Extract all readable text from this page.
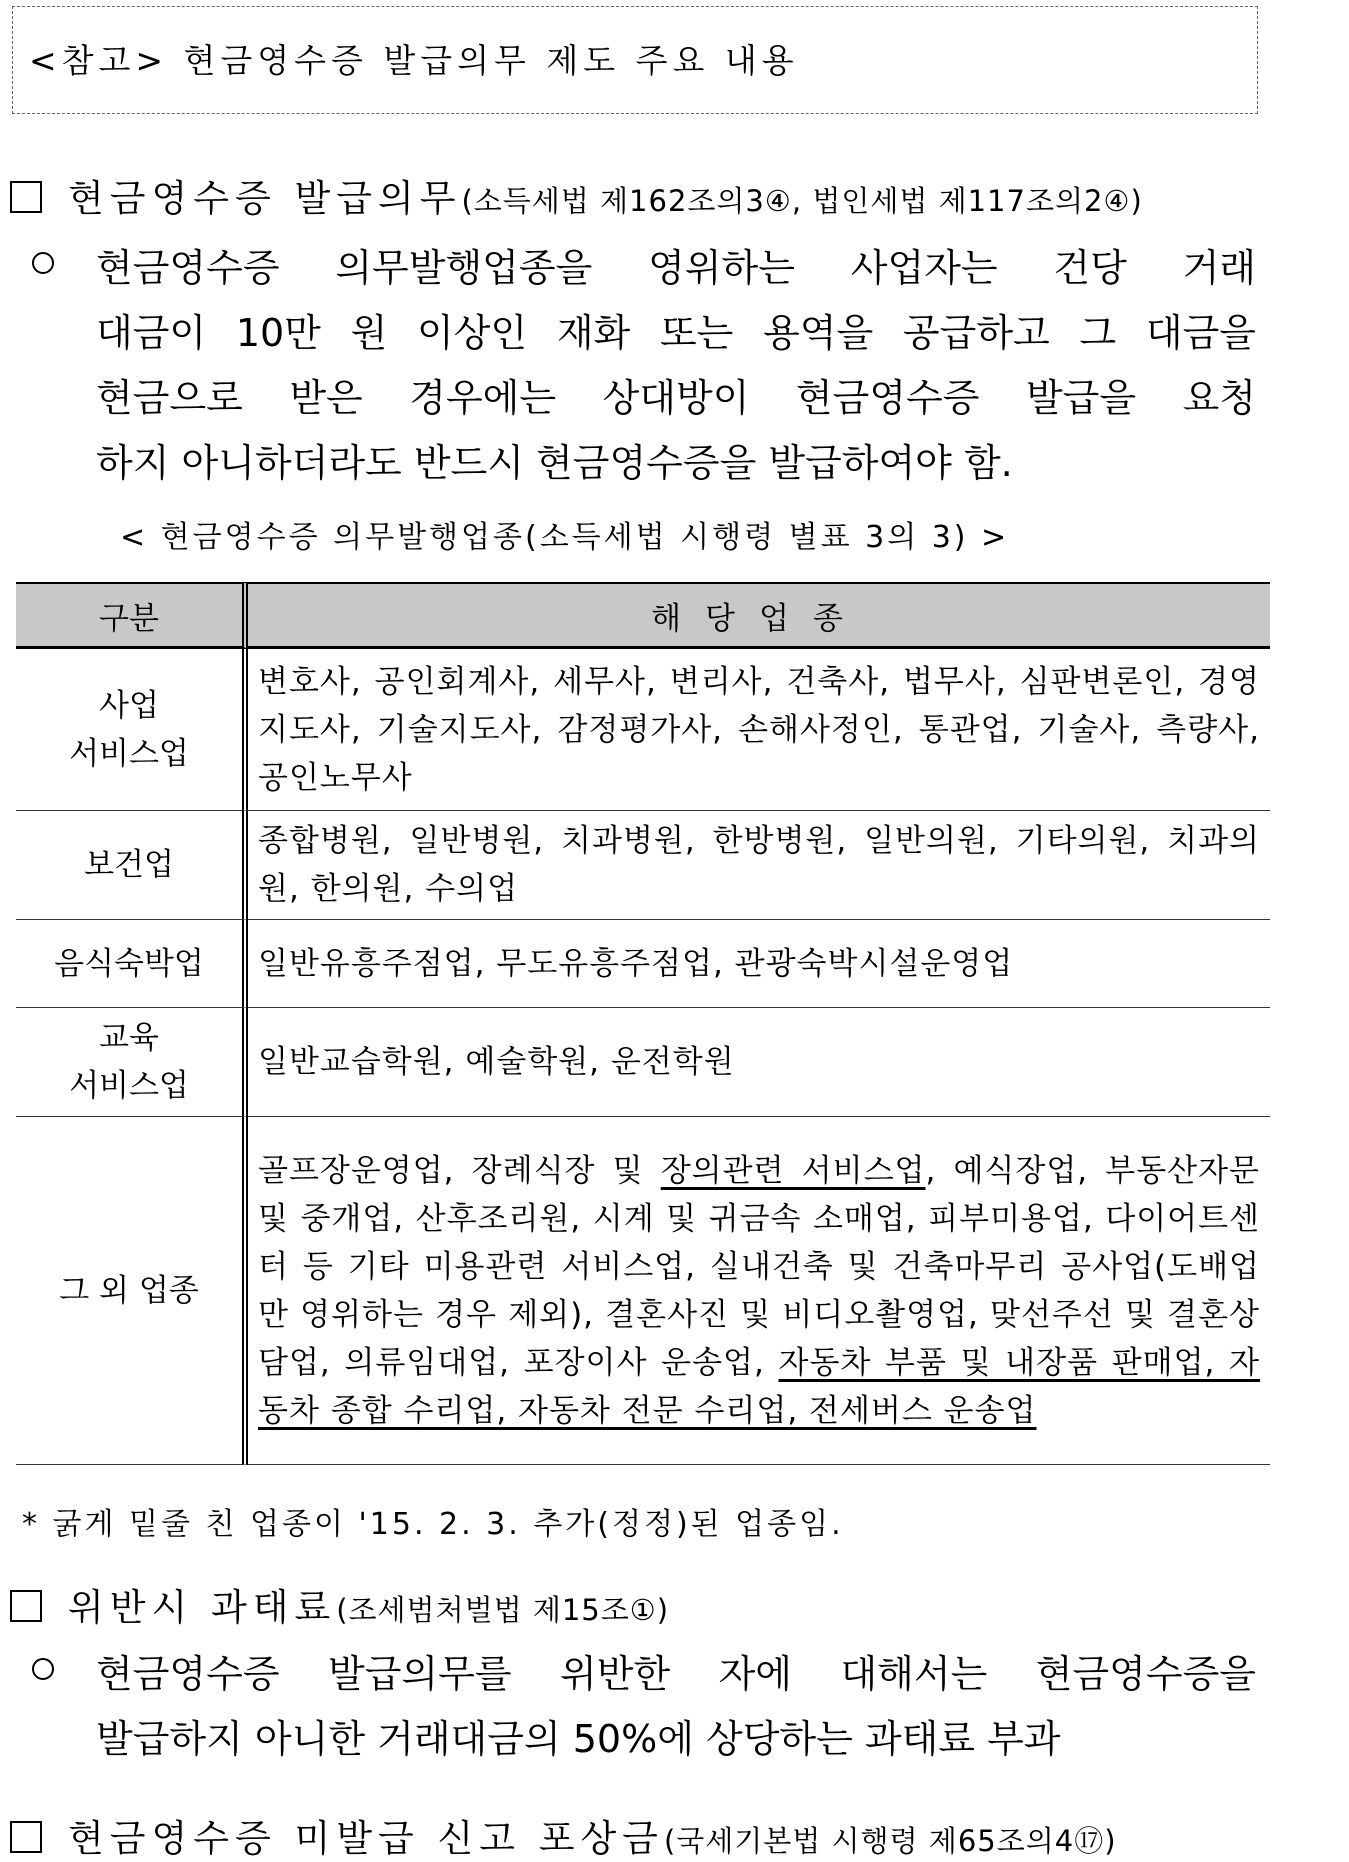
<참고> 현금영수증 발급의무 제도 주요 내용
현금영수증 발급의무 (소득세법 제162조의3④, 법인세법 제117조의2④)
현금영수증 의무발행업종을 영위하는 사업자는 건당 거래
대금이 10만 원 이상인 재화 또는 용역을 공급하고 그 대금을
현금으로 받은 경우에는 상대방이 현금영수증 발급을 요청
하지 아니하더라도 반드시 현금영수증을 발급하여야 함.
< 현금영수증 의무발행업종(소득세법 시행령 별표 3의 3) >
구분	해당업종

사업
서비스업	변호사, 공인회계사, 세무사, 변리사, 건축사, 법무사, 심판변론인, 경영지도사, 기술지도사, 감정평가사, 손해사정인, 통관업, 기술사, 측량사, 공인노무사

보건업	종합병원, 일반병원, 치과병원, 한방병원, 일반의원, 기타의원, 치과의원, 한의원, 수의업

음식숙박업	일반유흥주점업, 무도유흥주점업, 관광숙박시설운영업

교육
서비스업	일반교습학원, 예술학원, 운전학원

그 외 업종	골프장운영업, 장례식장 및 장의관련 서비스업, 예식장업, 부동산자문 및 중개업, 산후조리원, 시계 및 귀금속 소매업, 피부미용업, 다이어트센터 등 기타 미용관련 서비스업, 실내건축 및 건축마무리 공사업(도배업만 영위하는 경우 제외), 결혼사진 및 비디오촬영업, 맞선주선 및 결혼상담업, 의류임대업, 포장이사 운송업, 자동차 부품 및 내장품 판매업, 자동차 종합 수리업, 자동차 전문 수리업, 전세버스 운송업
* 굵게 밑줄 친 업종이 '15. 2. 3. 추가(정정)된 업종임.
위반시 과태료 (조세범처벌법 제15조①)
현금영수증 발급의무를 위반한 자에 대해서는 현금영수증을
발급하지 아니한 거래대금의 50%에 상당하는 과태료 부과
현금영수증 미발급 신고 포상금 (국세기본법 시행령 제65조의4⑰)
